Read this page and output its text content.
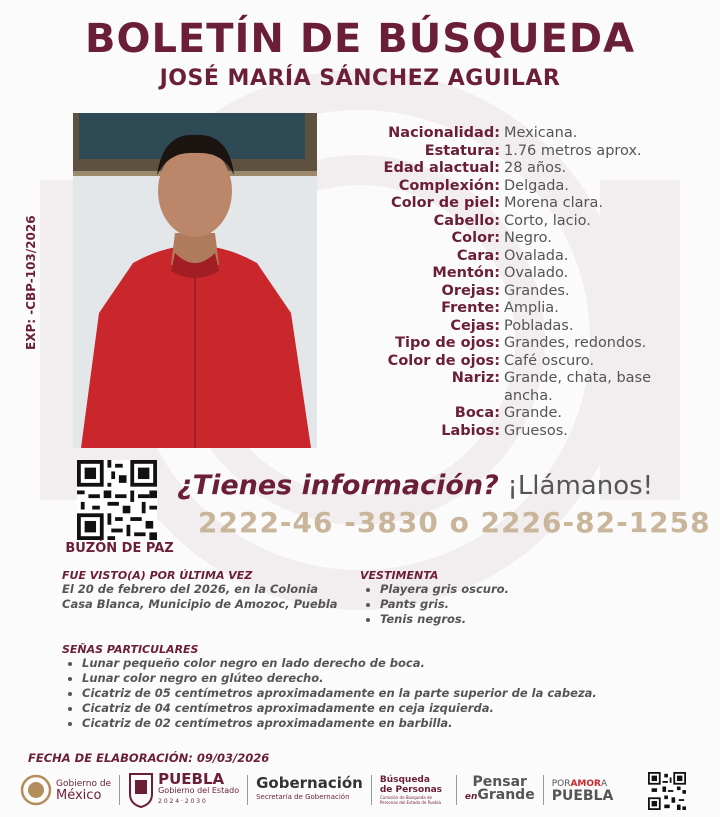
BOLETÍN DE BÚSQUEDA
JOSÉ MARÍA SÁNCHEZ AGUILAR
EXP: -CBP-103/2026
Nacionalidad: Mexicana.
Estatura: 1.76 metros aprox.
Edad alactual: 28 años.
Complexión: Delgada.
Color de piel: Morena clara.
Cabello: Corto, lacio.
Color: Negro.
Cara: Ovalada.
Mentón: Ovalado.
Orejas: Grandes.
Frente: Amplia.
Cejas: Pobladas.
Tipo de ojos: Grandes, redondos.
Color de ojos: Café oscuro.
Nariz: Grande, chata, base ancha.
Boca: Grande.
Labios: Gruesos.
BUZÓN DE PAZ
¿Tienes información? ¡Llámanos!
2222-46 -3830 o 2226-82-1258
FUE VISTO(A) POR ÚLTIMA VEZ
El 20 de febrero del 2026, en la Colonia Casa Blanca, Municipio de Amozoc, Puebla
VESTIMENTA
• Playera gris oscuro.
• Pants gris.
• Tenis negros.
SEÑAS PARTICULARES
• Lunar pequeño color negro en lado derecho de boca.
• Lunar color negro en glúteo derecho.
• Cicatriz de 05 centímetros aproximadamente en la parte superior de la cabeza.
• Cicatriz de 04 centímetros aproximadamente en ceja izquierda.
• Cicatriz de 02 centímetros aproximadamente en barbilla.
FECHA DE ELABORACIÓN: 09/03/2026
Gobierno de
México
PUEBLA
Gobierno del Estado
2 0 2 4 · 2 0 3 0
Gobernación
Secretaría de Gobernación
Búsqueda
de Personas
Comisión de Búsqueda de Personas del Estado de Puebla
Pensar
enGrande
PORAMORA
PUEBLA
